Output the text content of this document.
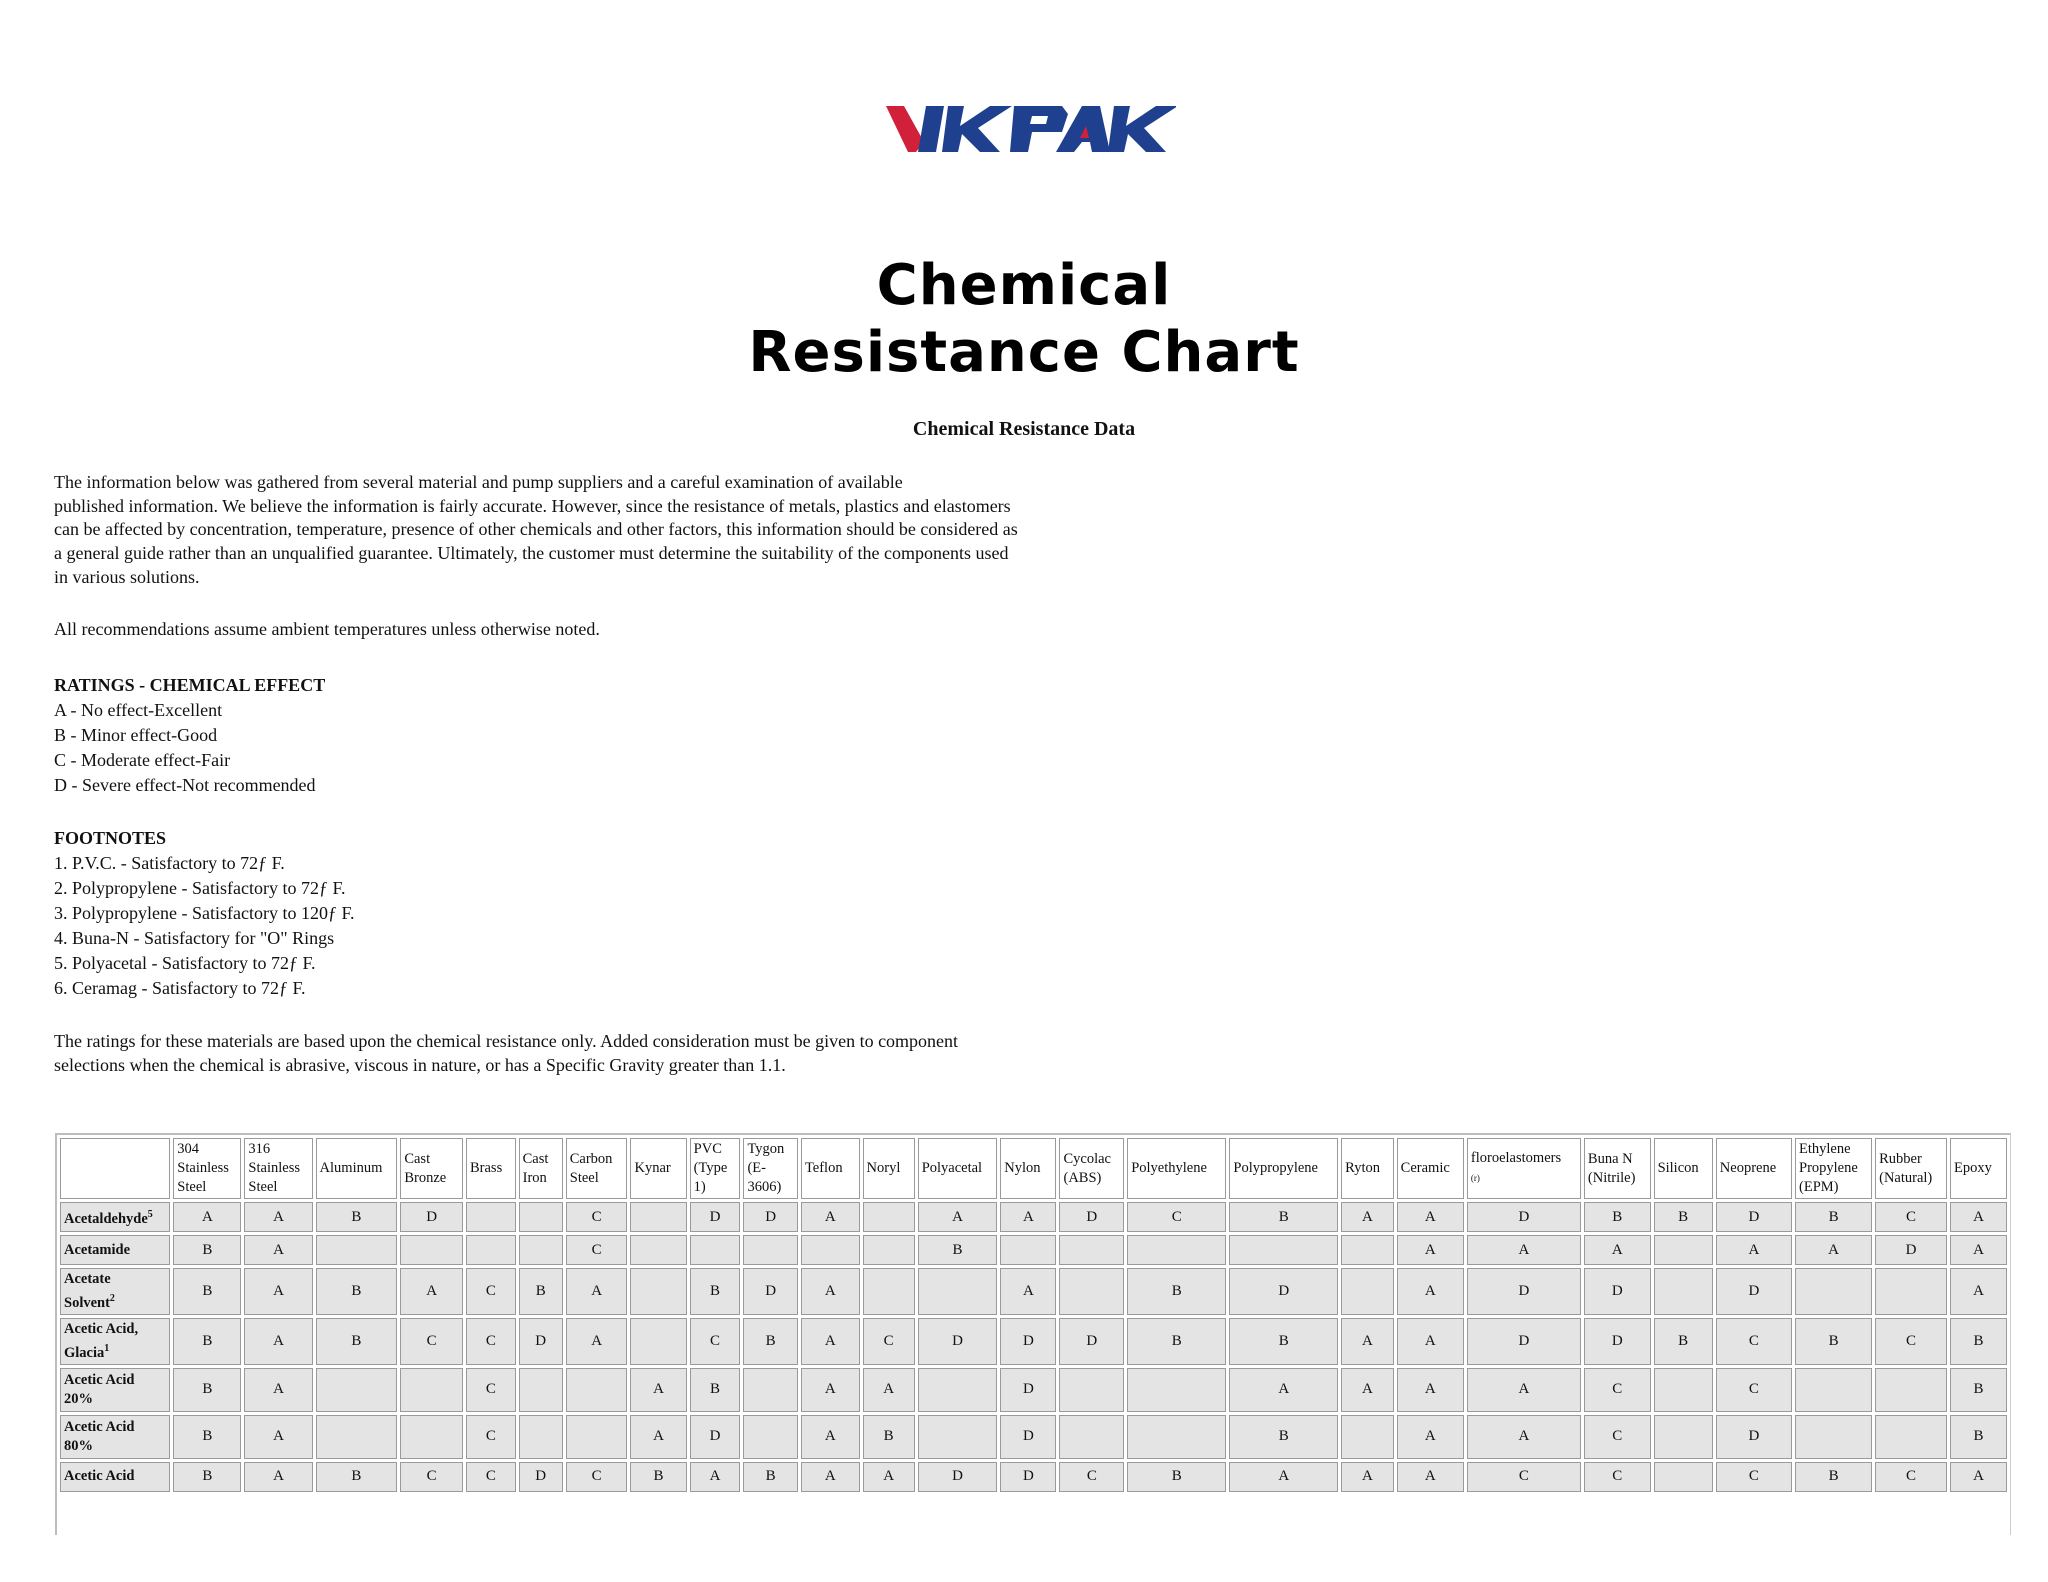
Chemical
Resistance Chart
Chemical Resistance Data
The information below was gathered from several material and pump suppliers and a careful examination of available
published information. We believe the information is fairly accurate. However, since the resistance of metals, plastics and elastomers
can be affected by concentration, temperature, presence of other chemicals and other factors, this information should be considered as
a general guide rather than an unqualified guarantee. Ultimately, the customer must determine the suitability of the components used
in various solutions.
All recommendations assume ambient temperatures unless otherwise noted.
RATINGS - CHEMICAL EFFECT
A - No effect-Excellent
B - Minor effect-Good
C - Moderate effect-Fair
D - Severe effect-Not recommended
FOOTNOTES
1. P.V.C. - Satisfactory to 72ƒ F.
2. Polypropylene - Satisfactory to 72ƒ F.
3. Polypropylene - Satisfactory to 120ƒ F.
4. Buna-N - Satisfactory for "O" Rings
5. Polyacetal - Satisfactory to 72ƒ F.
6. Ceramag - Satisfactory to 72ƒ F.
The ratings for these materials are based upon the chemical resistance only. Added consideration must be given to component
selections when the chemical is abrasive, viscous in nature, or has a Specific Gravity greater than 1.1.
	304
Stainless
Steel	316
Stainless
Steel	Aluminum	Cast
Bronze	Brass	Cast
Iron	Carbon
Steel	Kynar	PVC
(Type
1)	Tygon
(E-
3606)	Teflon	Noryl	Polyacetal	Nylon	Cycolac
(ABS)	Polyethylene	Polypropylene	Ryton	Ceramic	floroelastomers
(r)	Buna N
(Nitrile)	Silicon	Neoprene	Ethylene
Propylene
(EPM)	Rubber
(Natural)	Epoxy
Acetaldehyde$^5$	A	A	B	D			C		D	D	A		A	A	D	C	B	A	A	D	B	B	D	B	C	A
Acetamide	B	A					C						B						A	A	A		A	A	D	A
Acetate
Solvent$^2$	B	A	B	A	C	B	A		B	D	A			A		B	D		A	D	D		D			A
Acetic Acid,
Glacia$^1$	B	A	B	C	C	D	A		C	B	A	C	D	D	D	B	B	A	A	D	D	B	C	B	C	B
Acetic Acid
20%	B	A			C			A	B		A	A		D			A	A	A	A	C		C			B
Acetic Acid
80%	B	A			C			A	D		A	B		D			B		A	A	C		D			B
Acetic Acid	B	A	B	C	C	D	C	B	A	B	A	A	D	D	C	B	A	A	A	C	C		C	B	C	A
